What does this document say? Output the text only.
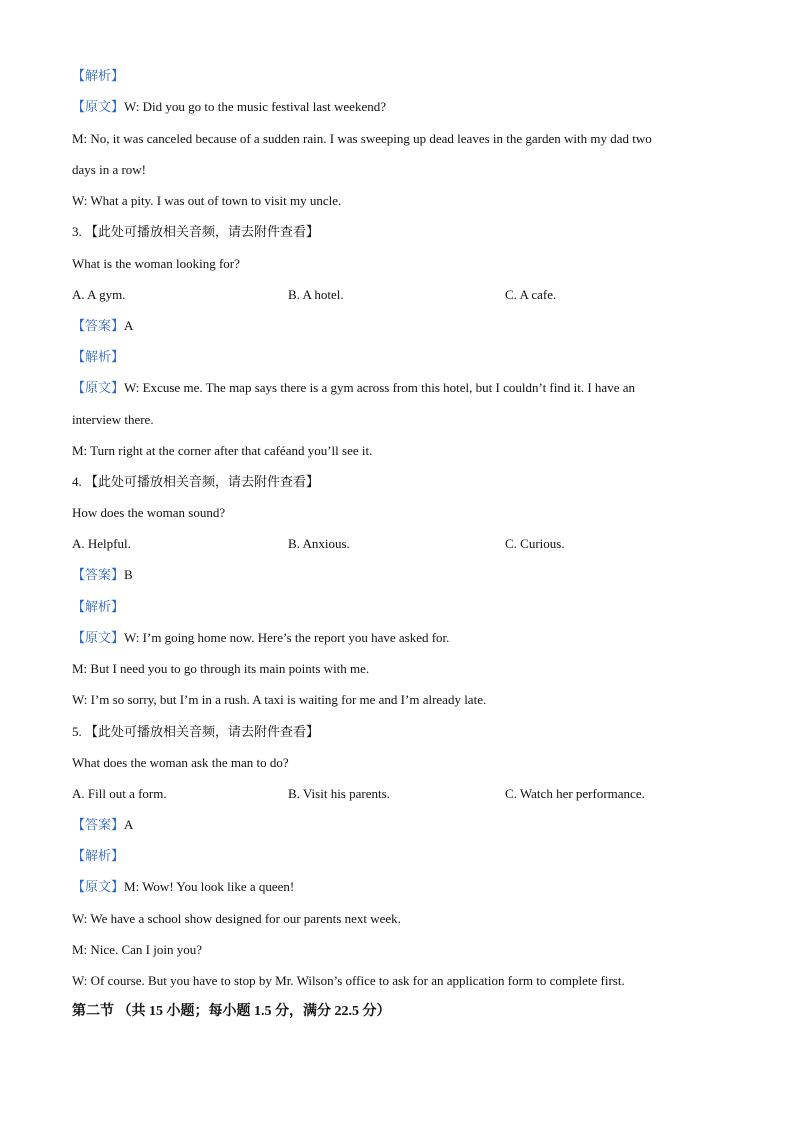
【解析】
【原文】W: Did you go to the music festival last weekend?
M: No, it was canceled because of a sudden rain. I was sweeping up dead leaves in the garden with my dad two
days in a row!
W: What a pity. I was out of town to visit my uncle.
3. 【此处可播放相关音频，请去附件查看】
What is the woman looking for?
A. A gym.	B. A hotel.	C. A cafe.
【答案】A
【解析】
【原文】W: Excuse me. The map says there is a gym across from this hotel, but I couldn’t find it. I have an
interview there.
M: Turn right at the corner after that caféand you’ll see it.
4. 【此处可播放相关音频，请去附件查看】
How does the woman sound?
A. Helpful.	B. Anxious.	C. Curious.
【答案】B
【解析】
【原文】W: I’m going home now. Here’s the report you have asked for.
M: But I need you to go through its main points with me.
W: I’m so sorry, but I’m in a rush. A taxi is waiting for me and I’m already late.
5. 【此处可播放相关音频，请去附件查看】
What does the woman ask the man to do?
A. Fill out a form.	B. Visit his parents.	C. Watch her performance.
【答案】A
【解析】
【原文】M: Wow! You look like a queen!
W: We have a school show designed for our parents next week.
M: Nice. Can I join you?
W: Of course. But you have to stop by Mr. Wilson’s office to ask for an application form to complete first.
第二节 （共 15 小题；每小题 1.5 分，满分 22.5 分）
